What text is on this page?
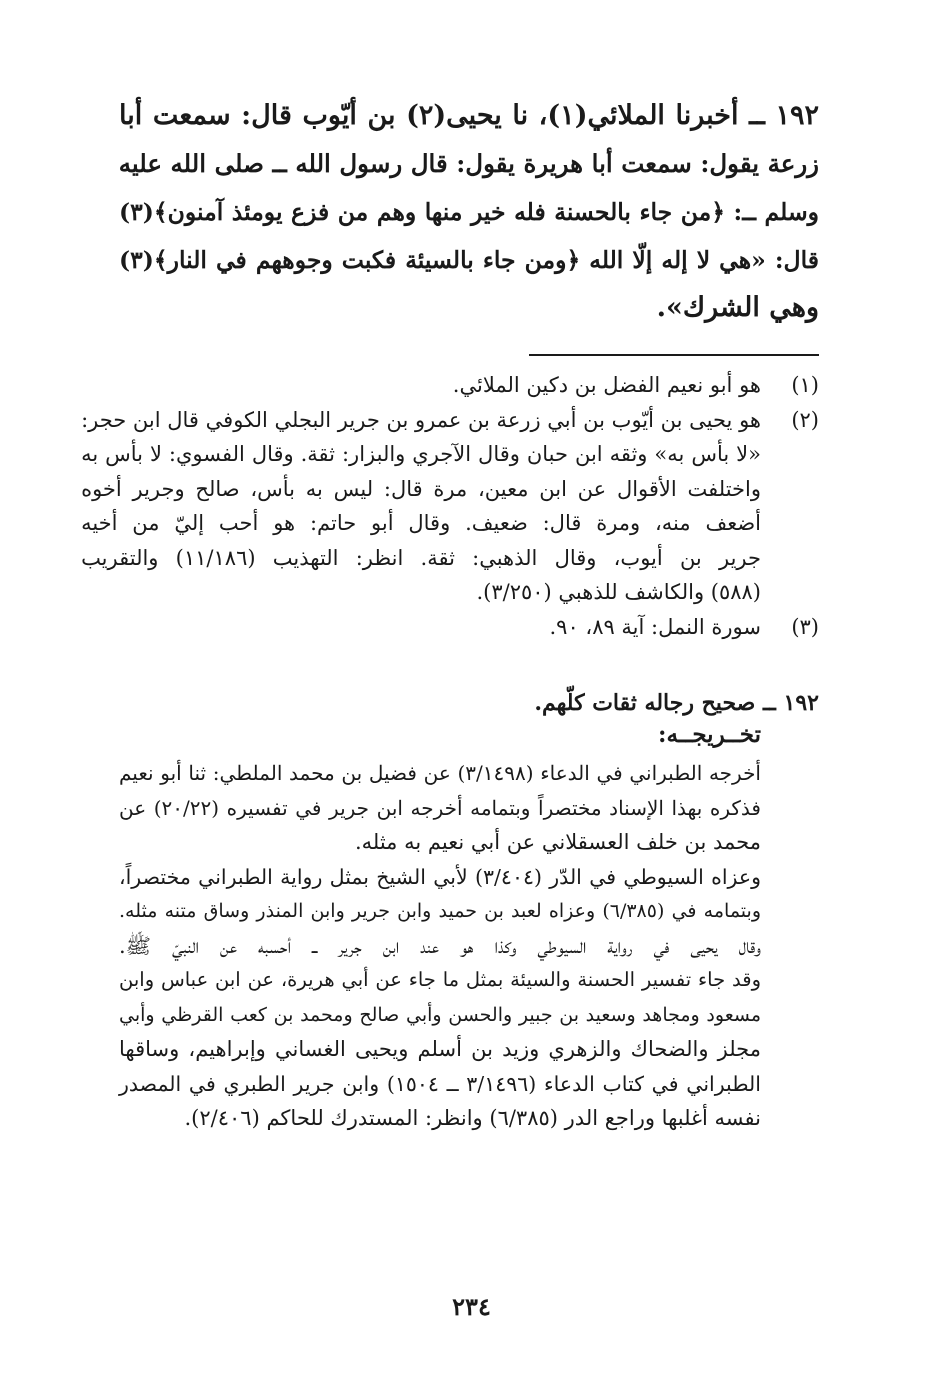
١٩٢ ــ أخبرنا الملائي(١)، نا يحيى(٢) بن أيّوب قال: سمعت أبا
زرعة يقول: سمعت أبا هريرة يقول: قال رسول الله ــ صلى الله عليه
وسلم ــ: ﴿من جاء بالحسنة فله خير منها وهم من فزع يومئذ آمنون﴾(٣)
قال: «هي لا إله إلّا الله ﴿ومن جاء بالسيئة فكبت وجوههم في النار﴾(٣)
وهي الشرك».
(١)
هو أبو نعيم الفضل بن دكين الملائي.
(٢)
هو يحيى بن أيّوب بن أبي زرعة بن عمرو بن جرير البجلي الكوفي قال ابن حجر:
«لا بأس به» وثقه ابن حبان وقال الآجري والبزار: ثقة. وقال الفسوي: لا بأس به
واختلفت الأقوال عن ابن معين، مرة قال: ليس به بأس، صالح وجرير أخوه
أضعف منه، ومرة قال: ضعيف. وقال أبو حاتم: هو أحب إليّ من أخيه
جرير بن أيوب، وقال الذهبي: ثقة. انظر: التهذيب (١١/١٨٦) والتقريب
(٥٨٨) والكاشف للذهبي (٣/٢٥٠).
(٣)
سورة النمل: آية ٨٩، ٩٠.
١٩٢ ــ صحيح رجاله ثقات كلّهم.
تخــريجــه:
أخرجه الطبراني في الدعاء (٣/١٤٩٨) عن فضيل بن محمد الملطي: ثنا أبو نعيم
فذكره بهذا الإسناد مختصراً وبتمامه أخرجه ابن جرير في تفسيره (٢٠/٢٢) عن
محمد بن خلف العسقلاني عن أبي نعيم به مثله.
وعزاه السيوطي في الدّر (٣/٤٠٤) لأبي الشيخ بمثل رواية الطبراني مختصراً،
وبتمامه في (٦/٣٨٥) وعزاه لعبد بن حميد وابن جرير وابن المنذر وساق متنه مثله.
وقال يحيى في رواية السيوطي وكذا هو عند ابن جرير ــ أحسبه عن النبيّ ﷺ.
وقد جاء تفسير الحسنة والسيئة بمثل ما جاء عن أبي هريرة، عن ابن عباس وابن
مسعود ومجاهد وسعيد بن جبير والحسن وأبي صالح ومحمد بن كعب القرظي وأبي
مجلز والضحاك والزهري وزيد بن أسلم ويحيى الغساني وإبراهيم، وساقها
الطبراني في كتاب الدعاء (٣/١٤٩٦ ــ ١٥٠٤) وابن جرير الطبري في المصدر
نفسه أغلبها وراجع الدر (٦/٣٨٥) وانظر: المستدرك للحاكم (٢/٤٠٦).
٢٣٤
